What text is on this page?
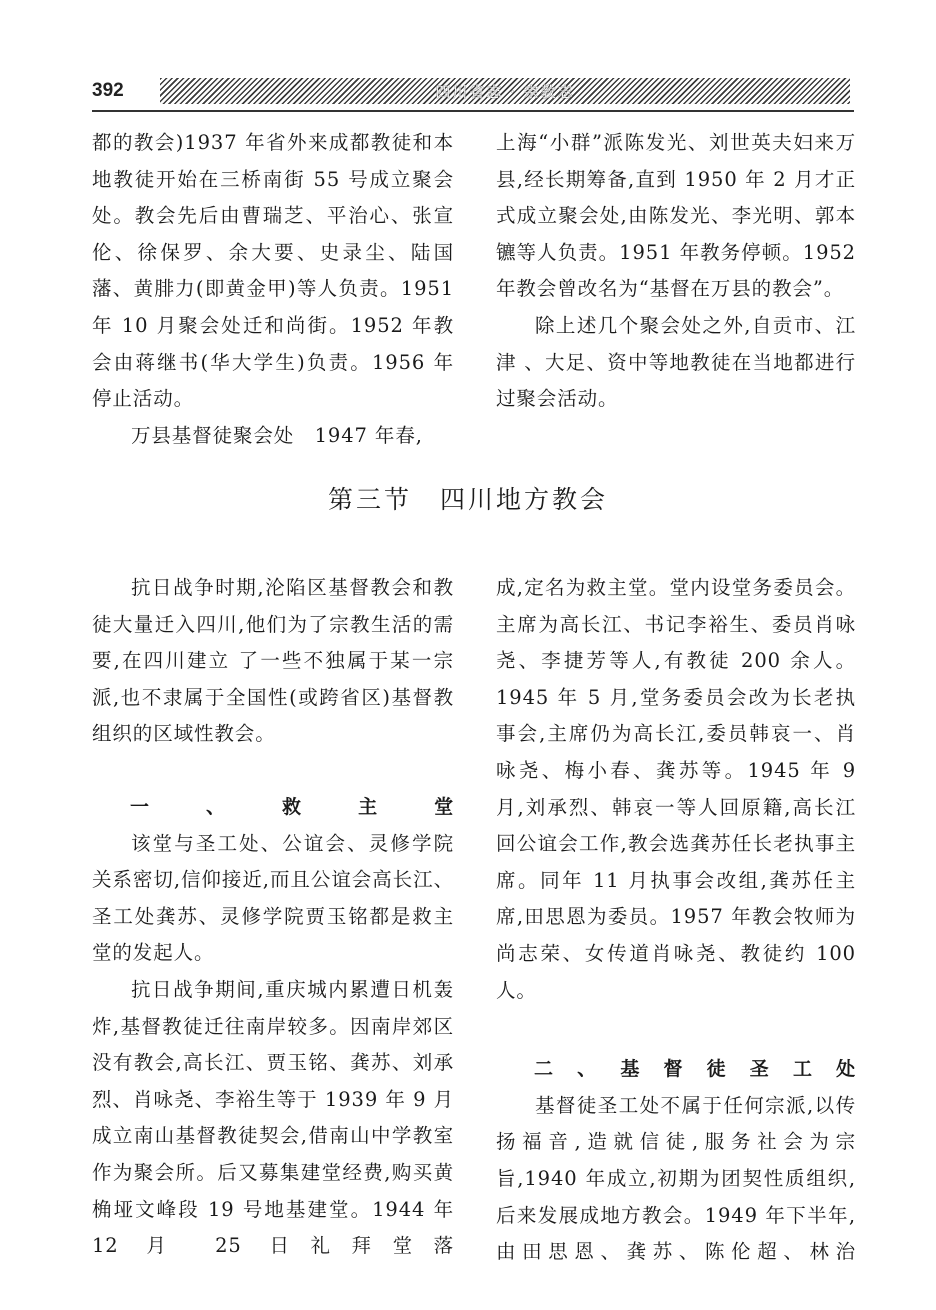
392	四川省志 · 宗教志

都的教会)1937 年省外来成都教徒和本地教徒开始在三桥南街 55 号成立聚会处。教会先后由曹瑞芝、平治心、张宣伦、徐保罗、余大要、史录尘、陆国藩、黄腓力(即黄金甲)等人负责。1951 年 10 月聚会处迁和尚街。1952 年教会由蒋继书(华大学生)负责。1956 年停止活动。

万县基督徒聚会处　1947 年春,

上海“小群”派陈发光、刘世英夫妇来万县,经长期筹备,直到 1950 年 2 月才正式成立聚会处,由陈发光、李光明、郭本镳等人负责。1951 年教务停顿。1952 年教会曾改名为“基督在万县的教会”。

除上述几个聚会处之外,自贡市、江津 、大足、资中等地教徒在当地都进行过聚会活动。

第三节　四川地方教会

抗日战争时期,沦陷区基督教会和教徒大量迁入四川,他们为了宗教生活的需要,在四川建立 了一些不独属于某一宗派,也不隶属于全国性(或跨省区)基督教组织的区域性教会。

一、救主堂

该堂与圣工处、公谊会、灵修学院关系密切,信仰接近,而且公谊会高长江、圣工处龚苏、灵修学院贾玉铭都是救主堂的发起人。

抗日战争期间,重庆城内累遭日机轰炸,基督教徒迁往南岸较多。因南岸郊区没有教会,高长江、贾玉铭、龚苏、刘承烈、肖咏尧、李裕生等于 1939 年 9 月成立南山基督教徒契会,借南山中学教室作为聚会所。后又募集建堂经费,购买黄桷垭文峰段 19 号地基建堂。1944 年 12 月 25 日礼拜堂落

成,定名为救主堂。堂内设堂务委员会。主席为高长江、书记李裕生、委员肖咏尧、李捷芳等人,有教徒 200 余人。1945 年 5 月,堂务委员会改为长老执事会,主席仍为高长江,委员韩哀一、肖咏尧、梅小春、龚苏等。1945 年 9 月,刘承烈、韩哀一等人回原籍,高长江回公谊会工作,教会选龚苏任长老执事主席。同年 11 月执事会改组,龚苏任主席,田思恩为委员。1957 年教会牧师为尚志荣、女传道肖咏尧、教徒约 100 人。

二、基督徒圣工处

基督徒圣工处不属于任何宗派,以传扬福音,造就信徒,服务社会为宗旨,1940 年成立,初期为团契性质组织,后来发展成地方教会。1949 年下半年,由田思恩、龚苏、陈伦超、林治
